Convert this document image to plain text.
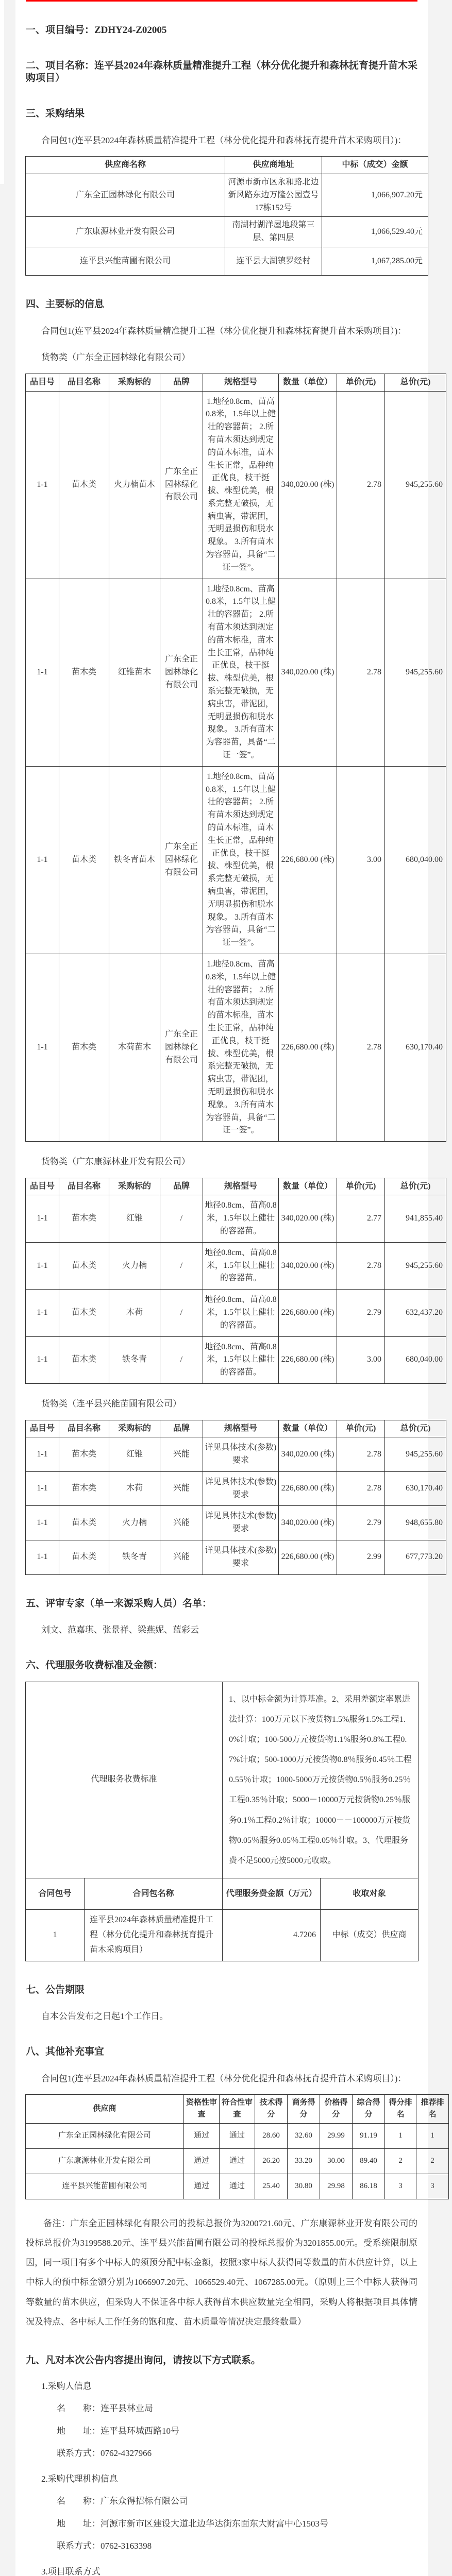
一、项目编号：ZDHY24-Z02005
二、项目名称：连平县2024年森林质量精准提升工程（林分优化提升和森林抚育提升苗木采购项目）
三、采购结果
合同包1(连平县2024年森林质量精准提升工程（林分优化提升和森林抚育提升苗木采购项目）)：
供应商名称	供应商地址	中标（成交）金额
广东全正园林绿化有限公司	河源市新市区永和路北边新风路东边万隆公园壹号17栋152号	1,066,907.20元
广东康源林业开发有限公司	南湖村湖洋屋地段第三层、第四层	1,066,529.40元
连平县兴能苗圃有限公司	连平县大湖镇罗经村	1,067,285.00元
四、主要标的信息
合同包1(连平县2024年森林质量精准提升工程（林分优化提升和森林抚育提升苗木采购项目）)：
货物类（广东全正园林绿化有限公司）
品目号	品目名称	采购标的	品牌	规格型号	数量（单位）	单价(元)	总价(元)
1-1	苗木类	火力楠苗木	广东全正园林绿化有限公司	1.地径0.8cm、苗高0.8米，1.5年以上健壮的容器苗； 2.所有苗木须达到规定的苗木标准，苗木生长正常，品种纯正优良，枝干挺拔、株型优美，根系完整无破损，无病虫害，带泥团，无明显损伤和脱水现象。 3.所有苗木为容器苗，具备“二证一签”。	340,020.00 (株)	2.78	945,255.60
1-1	苗木类	红锥苗木	广东全正园林绿化有限公司	1.地径0.8cm、苗高0.8米，1.5年以上健壮的容器苗； 2.所有苗木须达到规定的苗木标准，苗木生长正常，品种纯正优良，枝干挺拔、株型优美，根系完整无破损，无病虫害，带泥团，无明显损伤和脱水现象。 3.所有苗木为容器苗，具备“二证一签”。	340,020.00 (株)	2.78	945,255.60
1-1	苗木类	铁冬青苗木	广东全正园林绿化有限公司	1.地径0.8cm、苗高0.8米，1.5年以上健壮的容器苗； 2.所有苗木须达到规定的苗木标准，苗木生长正常，品种纯正优良，枝干挺拔、株型优美，根系完整无破损，无病虫害，带泥团，无明显损伤和脱水现象。 3.所有苗木为容器苗，具备“二证一签”。	226,680.00 (株)	3.00	680,040.00
1-1	苗木类	木荷苗木	广东全正园林绿化有限公司	1.地径0.8cm、苗高0.8米，1.5年以上健壮的容器苗； 2.所有苗木须达到规定的苗木标准，苗木生长正常，品种纯正优良，枝干挺拔、株型优美，根系完整无破损，无病虫害，带泥团，无明显损伤和脱水现象。 3.所有苗木为容器苗，具备“二证一签”。	226,680.00 (株)	2.78	630,170.40
货物类（广东康源林业开发有限公司）
品目号	品目名称	采购标的	品牌	规格型号	数量（单位）	单价(元)	总价(元)
1-1	苗木类	红锥	/	地径0.8cm、苗高0.8米，1.5年以上健壮的容器苗。	340,020.00 (株)	2.77	941,855.40
1-1	苗木类	火力楠	/	地径0.8cm、苗高0.8米，1.5年以上健壮的容器苗。	340,020.00 (株)	2.78	945,255.60
1-1	苗木类	木荷	/	地径0.8cm、苗高0.8米，1.5年以上健壮的容器苗。	226,680.00 (株)	2.79	632,437.20
1-1	苗木类	铁冬青	/	地径0.8cm、苗高0.8米，1.5年以上健壮的容器苗。	226,680.00 (株)	3.00	680,040.00
货物类（连平县兴能苗圃有限公司）
品目号	品目名称	采购标的	品牌	规格型号	数量（单位）	单价(元)	总价(元)
1-1	苗木类	红锥	兴能	详见具体技术(参数)要求	340,020.00 (株)	2.78	945,255.60
1-1	苗木类	木荷	兴能	详见具体技术(参数)要求	226,680.00 (株)	2.78	630,170.40
1-1	苗木类	火力楠	兴能	详见具体技术(参数)要求	340,020.00 (株)	2.79	948,655.80
1-1	苗木类	铁冬青	兴能	详见具体技术(参数)要求	226,680.00 (株)	2.99	677,773.20
五、评审专家（单一来源采购人员）名单：
刘文、范嘉琪、张景祥、梁燕妮、蓝彩云
六、代理服务收费标准及金额：
代理服务收费标准		1、以中标金额为计算基准。2、采用差额定率累进法计算：100万元以下按货物1.5%服务1.5%工程1.0%计取；100-500万元按货物1.1%服务0.8%工程0.7%计取；500-1000万元按货物0.8％服务0.45％工程0.55％计取；1000-5000万元按货物0.5％服务0.25％工程0.35％计取；5000－10000万元按货物0.25％服务0.1％工程0.2％计取；10000－－100000万元按货物0.05％服务0.05％工程0.05％计取。3、代理服务费不足5000元按5000元收取。	
合同包号	合同包名称	代理服务费金额（万元）	收取对象
1	连平县2024年森林质量精准提升工程（林分优化提升和森林抚育提升苗木采购项目）	4.7206	中标（成交）供应商
七、公告期限
自本公告发布之日起1个工作日。
八、其他补充事宜
合同包1(连平县2024年森林质量精准提升工程（林分优化提升和森林抚育提升苗木采购项目）)：
供应商	资格性审查	符合性审查	技术得分	商务得分	价格得分	综合得分	得分排名	推荐排名
广东全正园林绿化有限公司	通过	通过	28.60	32.60	29.99	91.19	1	1
广东康源林业开发有限公司	通过	通过	26.20	33.20	30.00	89.40	2	2
连平县兴能苗圃有限公司	通过	通过	25.40	30.80	29.98	86.18	3	3
备注：广东全正园林绿化有限公司的投标总报价为3200721.60元、广东康源林业开发有限公司的投标总报价为3199588.20元、连平县兴能苗圃有限公司的投标总报价为3201855.00元。受系统限制原因，同一项目有多个中标人的须预分配中标金额，按照3家中标人获得同等数量的苗木供应计算，以上中标人的预中标金额分别为1066907.20元、1066529.40元、1067285.00元。（原则上三个中标人获得同等数量的苗木供应，但采购人不保证各中标人获得苗木供应数量完全相同，采购人将根据项目具体情况及特点、各中标人工作任务的饱和度、苗木质量等情况决定最终数量）
九、凡对本次公告内容提出询问，请按以下方式联系。
1.采购人信息
名　　称：连平县林业局
地　　址：连平县环城西路10号
联系方式：0762-4327966
2.采购代理机构信息
名　　称：广东众得招标有限公司
地　　址：河源市新市区建设大道北边华达街东面东大财富中心1503号
联系方式：0762-3163398
3.项目联系方式
